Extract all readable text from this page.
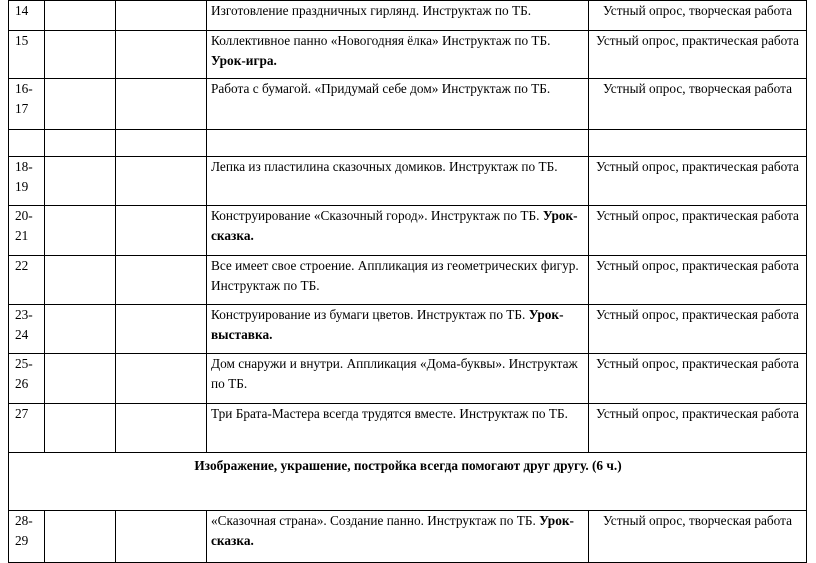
14			Изготовление праздничных гирлянд. Инструктаж по ТБ.	Устный опрос, творческая работа
15			Коллективное панно «Новогодняя ёлка» Инструктаж по ТБ. Урок-игра.	Устный опрос, практическая работа
16-17			Работа с бумагой. «Придумай себе дом» Инструктаж по ТБ.	Устный опрос, творческая работа

18-19			Лепка из пластилина сказочных домиков. Инструктаж по ТБ.	Устный опрос, практическая работа
20-21			Конструирование «Сказочный город». Инструктаж по ТБ. Урок-сказка.	Устный опрос, практическая работа
22			Все имеет свое строение. Аппликация из геометрических фигур. Инструктаж по ТБ.	Устный опрос, практическая работа
23-24			Конструирование из бумаги цветов. Инструктаж по ТБ. Урок-выставка.	Устный опрос, практическая работа
25-26			Дом снаружи и внутри. Аппликация «Дома-буквы». Инструктаж по ТБ.	Устный опрос, практическая работа
27			Три Брата-Мастера всегда трудятся вместе. Инструктаж по ТБ.	Устный опрос, практическая работа
Изображение, украшение, постройка всегда помогают друг другу. (6 ч.)				
28-29			«Сказочная страна». Создание панно. Инструктаж по ТБ. Урок-сказка.	Устный опрос, творческая работа
